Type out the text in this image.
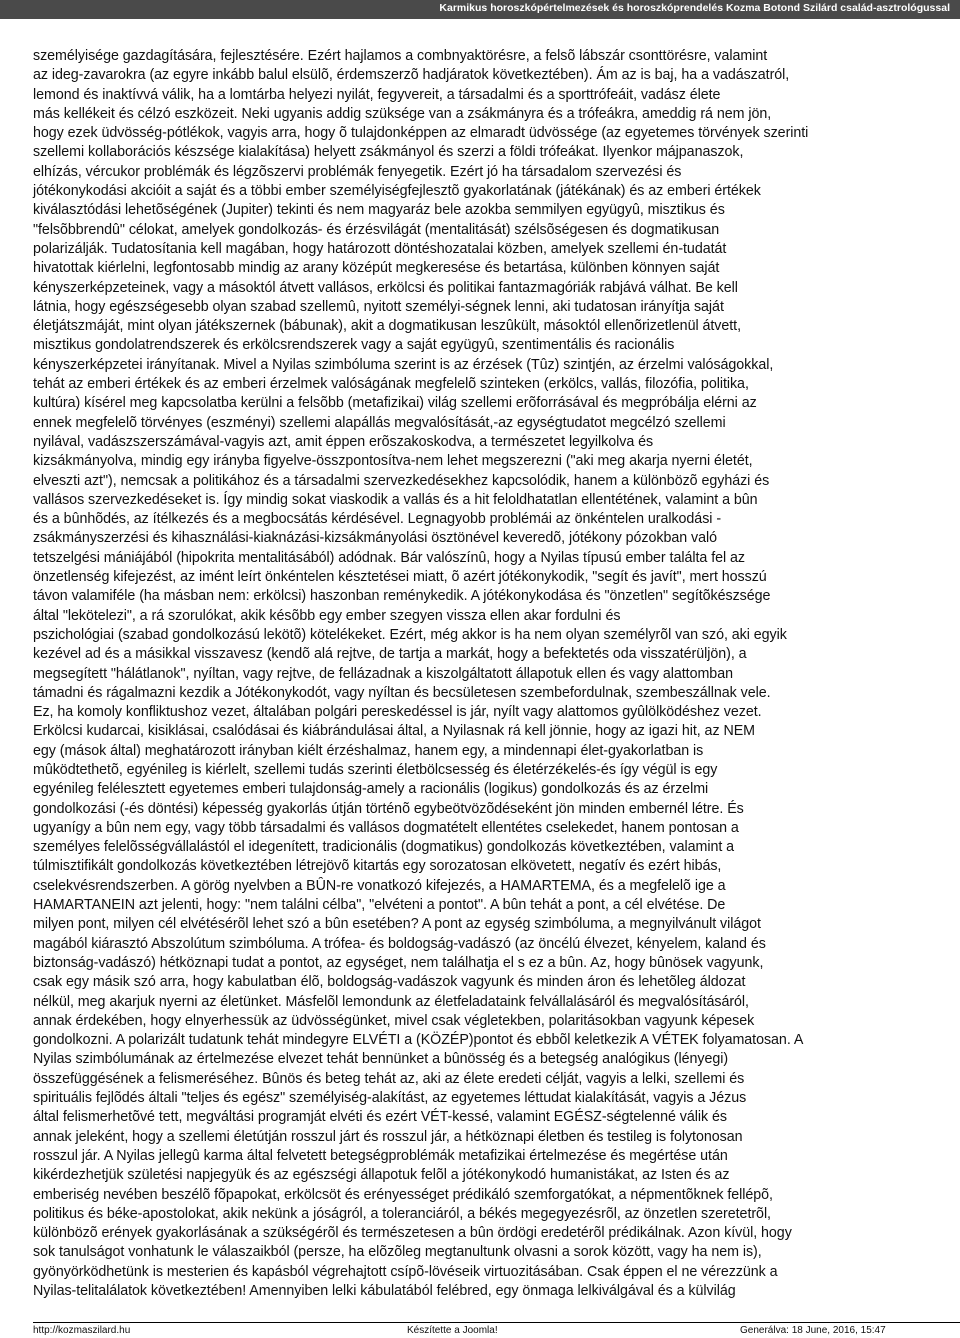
Karmikus horoszkópértelmezések és horoszkóprendelés Kozma Botond Szilárd család-asztrológussal
személyisége gazdagítására, fejlesztésére. Ezért hajlamos a combnyaktörésre, a felsõ lábszár csonttörésre, valamint
az ideg-zavarokra (az egyre inkább balul elsülõ, érdemszerzõ hadjáratok következtében). Ám az is baj, ha a vadászatról,
lemond és inaktívvá válik, ha a lomtárba helyezi nyilát, fegyvereit, a társadalmi és a sporttrófeáit, vadász élete
más kellékeit és célzó eszközeit. Neki ugyanis addig szüksége van a zsákmányra és a trófeákra, ameddig rá nem jön,
hogy ezek üdvösség-pótlékok, vagyis arra, hogy õ tulajdonképpen az elmaradt üdvössége (az egyetemes törvények szerinti
szellemi kollaborációs készsége kialakítása) helyett zsákmányol és szerzi a földi trófeákat. Ilyenkor májpanaszok,
elhízás, vércukor problémák és légzõszervi problémák fenyegetik. Ezért jó ha társadalom szervezési és
jótékonykodási akcióit a saját és a többi ember személyiségfejlesztõ gyakorlatának (játékának) és az emberi értékek
kiválasztódási lehetõségének (Jupiter) tekinti és nem magyaráz bele azokba semmilyen együgyû, misztikus és
"felsõbbrendû" célokat, amelyek gondolkozás- és érzésvilágát (mentalitását) szélsõségesen és dogmatikusan
polarizálják. Tudatosítania kell magában, hogy határozott döntéshozatalai közben, amelyek szellemi én-tudatát
hivatottak kiérlelni, legfontosabb mindig az arany középút megkeresése és betartása, különben könnyen saját
kényszerképzeteinek, vagy a másoktól átvett vallásos, erkölcsi és politikai fantazmagóriák rabjává válhat. Be kell
látnia, hogy egészségesebb olyan szabad szellemû, nyitott személyi-ségnek lenni, aki tudatosan irányítja saját
életjátszmáját, mint olyan játékszernek (bábunak), akit a dogmatikusan leszûkült, másoktól ellenõrizetlenül átvett,
misztikus gondolatrendszerek és erkölcsrendszerek vagy a saját együgyû, szentimentális és racionális
kényszerképzetei irányítanak. Mivel a Nyilas szimbóluma szerint is az érzések (Tûz) szintjén, az érzelmi valóságokkal,
tehát az emberi értékek és az emberi érzelmek valóságának megfelelõ szinteken (erkölcs, vallás, filozófia, politika,
kultúra) kísérel meg kapcsolatba kerülni a felsõbb (metafizikai) világ szellemi erõforrásával és megpróbálja elérni az
ennek megfelelõ törvényes (eszményi) szellemi alapállás megvalósítását,-az egységtudatot megcélzó szellemi
nyilával, vadászszerszámával-vagyis azt, amit éppen erõszakoskodva, a természetet legyilkolva és
kizsákmányolva, mindig egy irányba figyelve-összpontosítva-nem lehet megszerezni ("aki meg akarja nyerni életét,
elveszti azt"), nemcsak a politikához és a társadalmi szervezkedésekhez kapcsolódik, hanem a különbözõ egyházi és
vallásos szervezkedéseket is. Így mindig sokat viaskodik a vallás és a hit feloldhatatlan ellentétének, valamint a bûn
és a bûnhõdés, az ítélkezés és a megbocsátás kérdésével. Legnagyobb problémái az önkéntelen uralkodási -
zsákmányszerzési és kihasználási-kiaknázási-kizsákmányolási ösztönével keveredõ, jótékony pózokban való
tetszelgési mániájából (hipokrita mentalitásából) adódnak. Bár valószínû, hogy a Nyilas típusú ember találta fel az
önzetlenség kifejezést, az imént leírt önkéntelen késztetései miatt, õ azért jótékonykodik, "segít és javít", mert hosszú
távon valamiféle (ha másban nem: erkölcsi) haszonban reménykedik. A jótékonykodása és "önzetlen" segítõkészsége
által "lekötelezi", a rá szorulókat, akik késõbb egy ember szegyen vissza ellen akar fordulni és
pszichológiai (szabad gondolkozású lekötõ) kötelékeket. Ezért, még akkor is ha nem olyan személyrõl van szó, aki egyik
kezével ad és a másikkal visszavesz (kendõ alá rejtve, de tartja a markát, hogy a befektetés oda visszatérüljön), a
megsegített "hálátlanok", nyíltan, vagy rejtve, de fellázadnak a kiszolgáltatott állapotuk ellen és vagy alattomban
támadni és rágalmazni kezdik a Jótékonykodót, vagy nyíltan és becsületesen szembefordulnak, szembeszállnak vele.
Ez, ha komoly konfliktushoz vezet, általában polgári pereskedéssel is jár, nyílt vagy alattomos gyûlölködéshez vezet.
Erkölcsi kudarcai, kisiklásai, csalódásai és kiábrándulásai által, a Nyilasnak rá kell jönnie, hogy az igazi hit, az NEM
egy (mások által) meghatározott irányban kiélt érzéshalmaz, hanem egy, a mindennapi élet-gyakorlatban is
mûködtethetõ, egyénileg is kiérlelt, szellemi tudás szerinti életbölcsesség és életérzékelés-és így végül is egy
egyénileg felélesztett egyetemes emberi tulajdonság-amely a racionális (logikus) gondolkozás és az érzelmi
gondolkozási (-és döntési) képesség gyakorlás útján történõ egybeötvözõdéseként jön minden embernél létre. És
ugyanígy a bûn nem egy, vagy több társadalmi és vallásos dogmatételt ellentétes cselekedet, hanem pontosan a
személyes felelõsségvállalástól el idegenített, tradicionális (dogmatikus) gondolkozás következtében, valamint a
túlmisztifikált gondolkozás következtében létrejövõ kitartás egy sorozatosan elkövetett, negatív és ezért hibás,
cselekvésrendszerben. A görög nyelvben a BÛN-re vonatkozó kifejezés, a HAMARTEMA, és a megfelelõ ige a
HAMARTANEIN azt jelenti, hogy: "nem találni célba", "elvéteni a pontot". A bûn tehát a pont, a cél elvétése. De
milyen pont, milyen cél elvétésérõl lehet szó a bûn esetében? A pont az egység szimbóluma, a megnyilvánult világot
magából kiárasztó Abszolútum szimbóluma. A trófea- és boldogság-vadászó (az öncélú élvezet, kényelem, kaland és
biztonság-vadászó) hétköznapi tudat a pontot, az egységet, nem találhatja el s ez a bûn. Az, hogy bûnösek vagyunk,
csak egy másik szó arra, hogy kabulatban élõ, boldogság-vadászok vagyunk és minden áron és lehetõleg áldozat
nélkül, meg akarjuk nyerni az életünket. Másfelõl lemondunk az életfeladataink felvállalásáról és megvalósításáról,
annak érdekében, hogy elnyerhessük az üdvösségünket, mivel csak végletekben, polaritásokban vagyunk képesek
gondolkozni. A polarizált tudatunk tehát mindegyre ELVÉTI a (KÖZÉP)pontot és ebbõl keletkezik A VÉTEK folyamatosan. A
Nyilas szimbólumának az értelmezése elvezet tehát bennünket a bûnösség és a betegség analógikus (lényegi)
összefüggésének a felismeréséhez. Bûnös és beteg tehát az, aki az élete eredeti célját, vagyis a lelki, szellemi és
spirituális fejlõdés általi "teljes és egész" személyiség-alakítást, az egyetemes léttudat kialakítását, vagyis a Jézus
által felismerhetõvé tett, megváltási programját elvéti és ezért VÉT-kessé, valamint EGÉSZ-ségtelenné válik és
annak jeleként, hogy a szellemi életútján rosszul járt és rosszul jár, a hétköznapi életben és testileg is folytonosan
rosszul jár. A Nyilas jellegû karma által felvetett betegségproblémák metafizikai értelmezése és megértése után
kikérdezhetjük születési napjegyük és az egészségi állapotuk felõl a jótékonykodó humanistákat, az Isten és az
emberiség nevében beszélõ fõpapokat, erkölcsöt és erényességet prédikáló szemforgatókat, a népmentõknek fellépõ,
politikus és béke-apostolokat, akik nekünk a jóságról, a toleranciáról, a békés megegyezésrõl, az önzetlen szeretetrõl,
különbözõ erények gyakorlásának a szükségérõl és természetesen a bûn ördögi eredetérõl prédikálnak. Azon kívül, hogy
sok tanulságot vonhatunk le válaszaikból (persze, ha elõzõleg megtanultunk olvasni a sorok között, vagy ha nem is),
gyönyörködhetünk is mesterien és kapásból végrehajtott csípõ-lövéseik virtuozitásában. Csak éppen el ne vérezzünk a
Nyilas-telitalálatok következtében! Amennyiben lelki kábulatából felébred, egy önmaga lelkiválgával és a külvilág
http://kozmaszilard.hu	Készítette a Joomla!	Generálva: 18 June, 2016, 15:47
